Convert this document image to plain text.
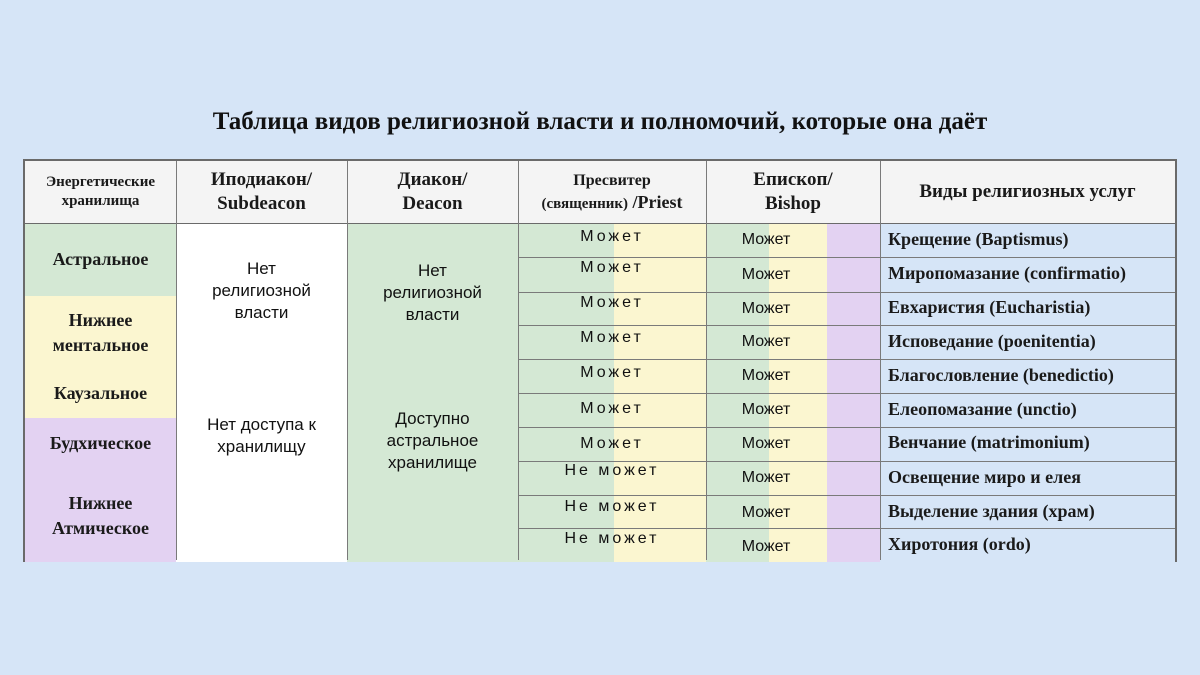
Таблица видов религиозной власти и полномочий, которые она даёт
Энергетические хранилища
Иподиакон/ Subdeacon
Диакон/ Deacon
Пресвитер
(священник) /Priest
Епископ/ Bishop
Виды религиозных услуг
Астральное
Нижнее ментальное
Каузальное
Будхическое
Нижнее Атмическое
Нет религиозной власти
Нет доступа к хранилищу
Нет религиозной власти
Доступно астральное хранилище
Может
Может
Может
Может
Может
Может
Может
Не может
Не может
Не может
Может
Может
Может
Может
Может
Может
Может
Может
Может
Может
Крещение (Baptismus)
Миропомазание (confirmatio)
Евхаристия (Eucharistia)
Исповедание (poenitentia)
Благословление (benedictio)
Елеопомазание (unctio)
Венчание (matrimonium)
Освещение миро и елея
Выделение здания (храм)
Хиротония (ordo)
